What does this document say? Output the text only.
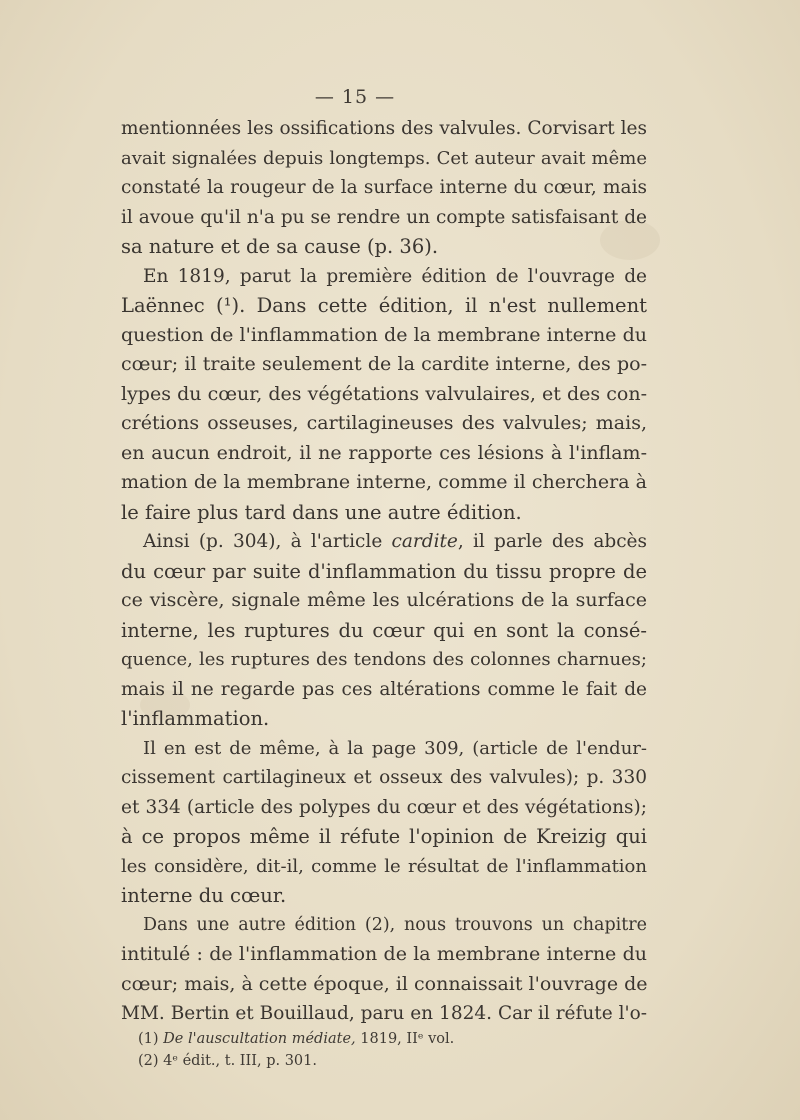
— 15 —
mentionnées les ossifications des valvules. Corvisart les
avait signalées depuis longtemps. Cet auteur avait même
constaté la rougeur de la surface interne du cœur, mais
il avoue qu'il n'a pu se rendre un compte satisfaisant de
sa nature et de sa cause (p. 36).
En 1819, parut la première édition de l'ouvrage de
Laënnec (¹). Dans cette édition, il n'est nullement
question de l'inflammation de la membrane interne du
cœur; il traite seulement de la cardite interne, des po-
lypes du cœur, des végétations valvulaires, et des con-
crétions osseuses, cartilagineuses des valvules; mais,
en aucun endroit, il ne rapporte ces lésions à l'inflam-
mation de la membrane interne, comme il cherchera à
le faire plus tard dans une autre édition.
Ainsi (p. 304), à l'article cardite, il parle des abcès
du cœur par suite d'inflammation du tissu propre de
ce viscère, signale même les ulcérations de la surface
interne, les ruptures du cœur qui en sont la consé-
quence, les ruptures des tendons des colonnes charnues;
mais il ne regarde pas ces altérations comme le fait de
l'inflammation.
Il en est de même, à la page 309, (article de l'endur-
cissement cartilagineux et osseux des valvules); p. 330
et 334 (article des polypes du cœur et des végétations);
à ce propos même il réfute l'opinion de Kreizig qui
les considère, dit-il, comme le résultat de l'inflammation
interne du cœur.
Dans une autre édition (2), nous trouvons un chapitre
intitulé : de l'inflammation de la membrane interne du
cœur; mais, à cette époque, il connaissait l'ouvrage de
MM. Bertin et Bouillaud, paru en 1824. Car il réfute l'o-
(1) De l'auscultation médiate, 1819, IIᵉ vol.
(2) 4ᵉ édit., t. III, p. 301.
